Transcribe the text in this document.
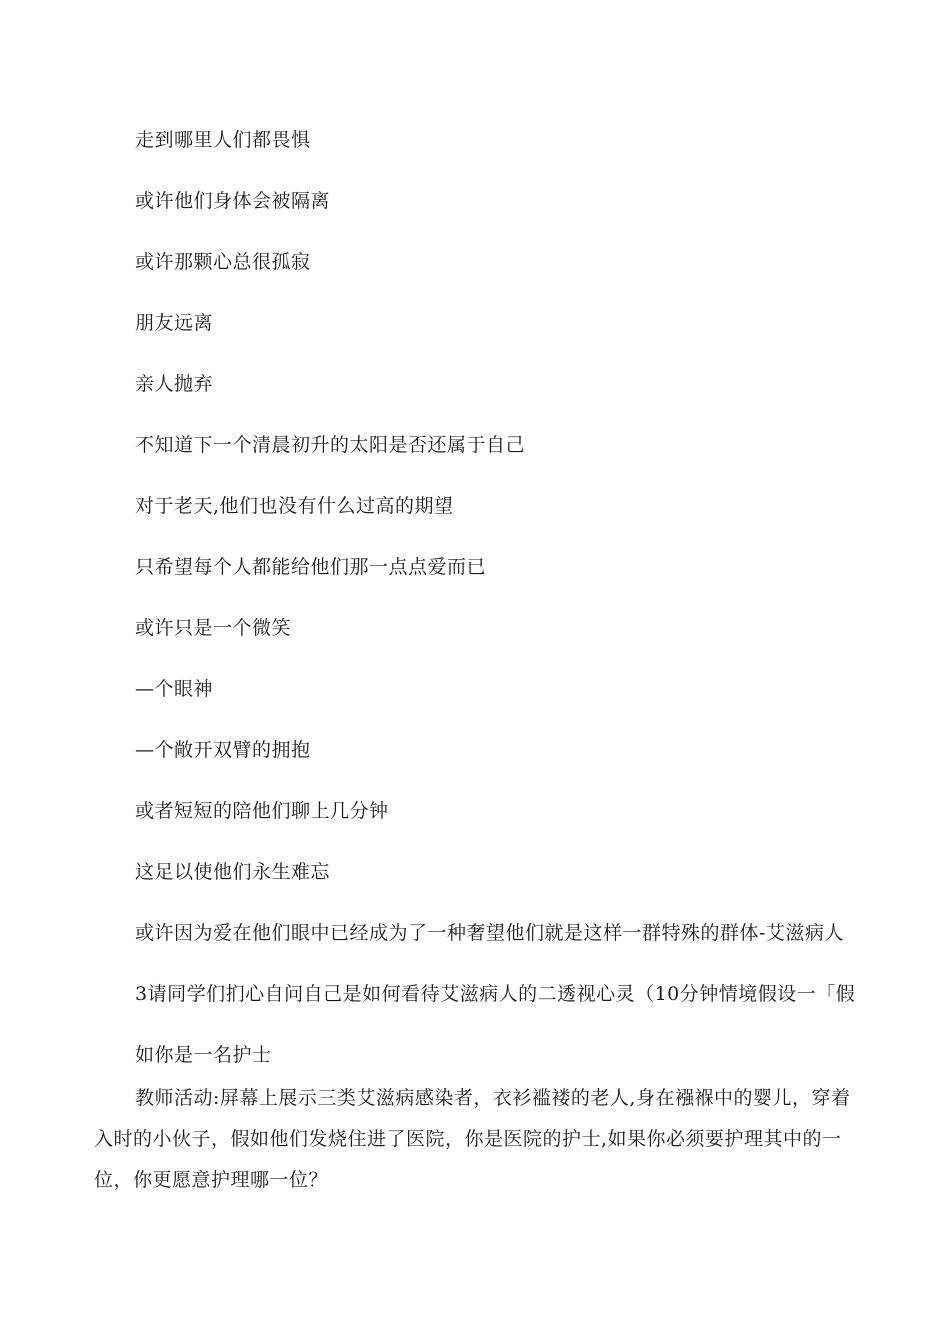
走到哪里人们都畏惧
或许他们身体会被隔离
或许那颗心总很孤寂
朋友远离
亲人抛弃
不知道下一个清晨初升的太阳是否还属于自己
对于老天,他们也没有什么过高的期望
只希望每个人都能给他们那一点点爱而已
或许只是一个微笑
—个眼神
—个敞开双臂的拥抱
或者短短的陪他们聊上几分钟
这足以使他们永生难忘
或许因为爱在他们眼中已经成为了一种奢望他们就是这样一群特殊的群体-艾滋病人
3请同学们扪心自问自己是如何看待艾滋病人的二透视心灵（10分钟情境假设一「假
如你是一名护士
教师活动:屏幕上展示三类艾滋病感染者，衣衫褴褛的老人,身在襁褓中的婴儿，穿着入时的小伙子，假如他们发烧住进了医院，你是医院的护士,如果你必须要护理其中的一位，你更愿意护理哪一位？
